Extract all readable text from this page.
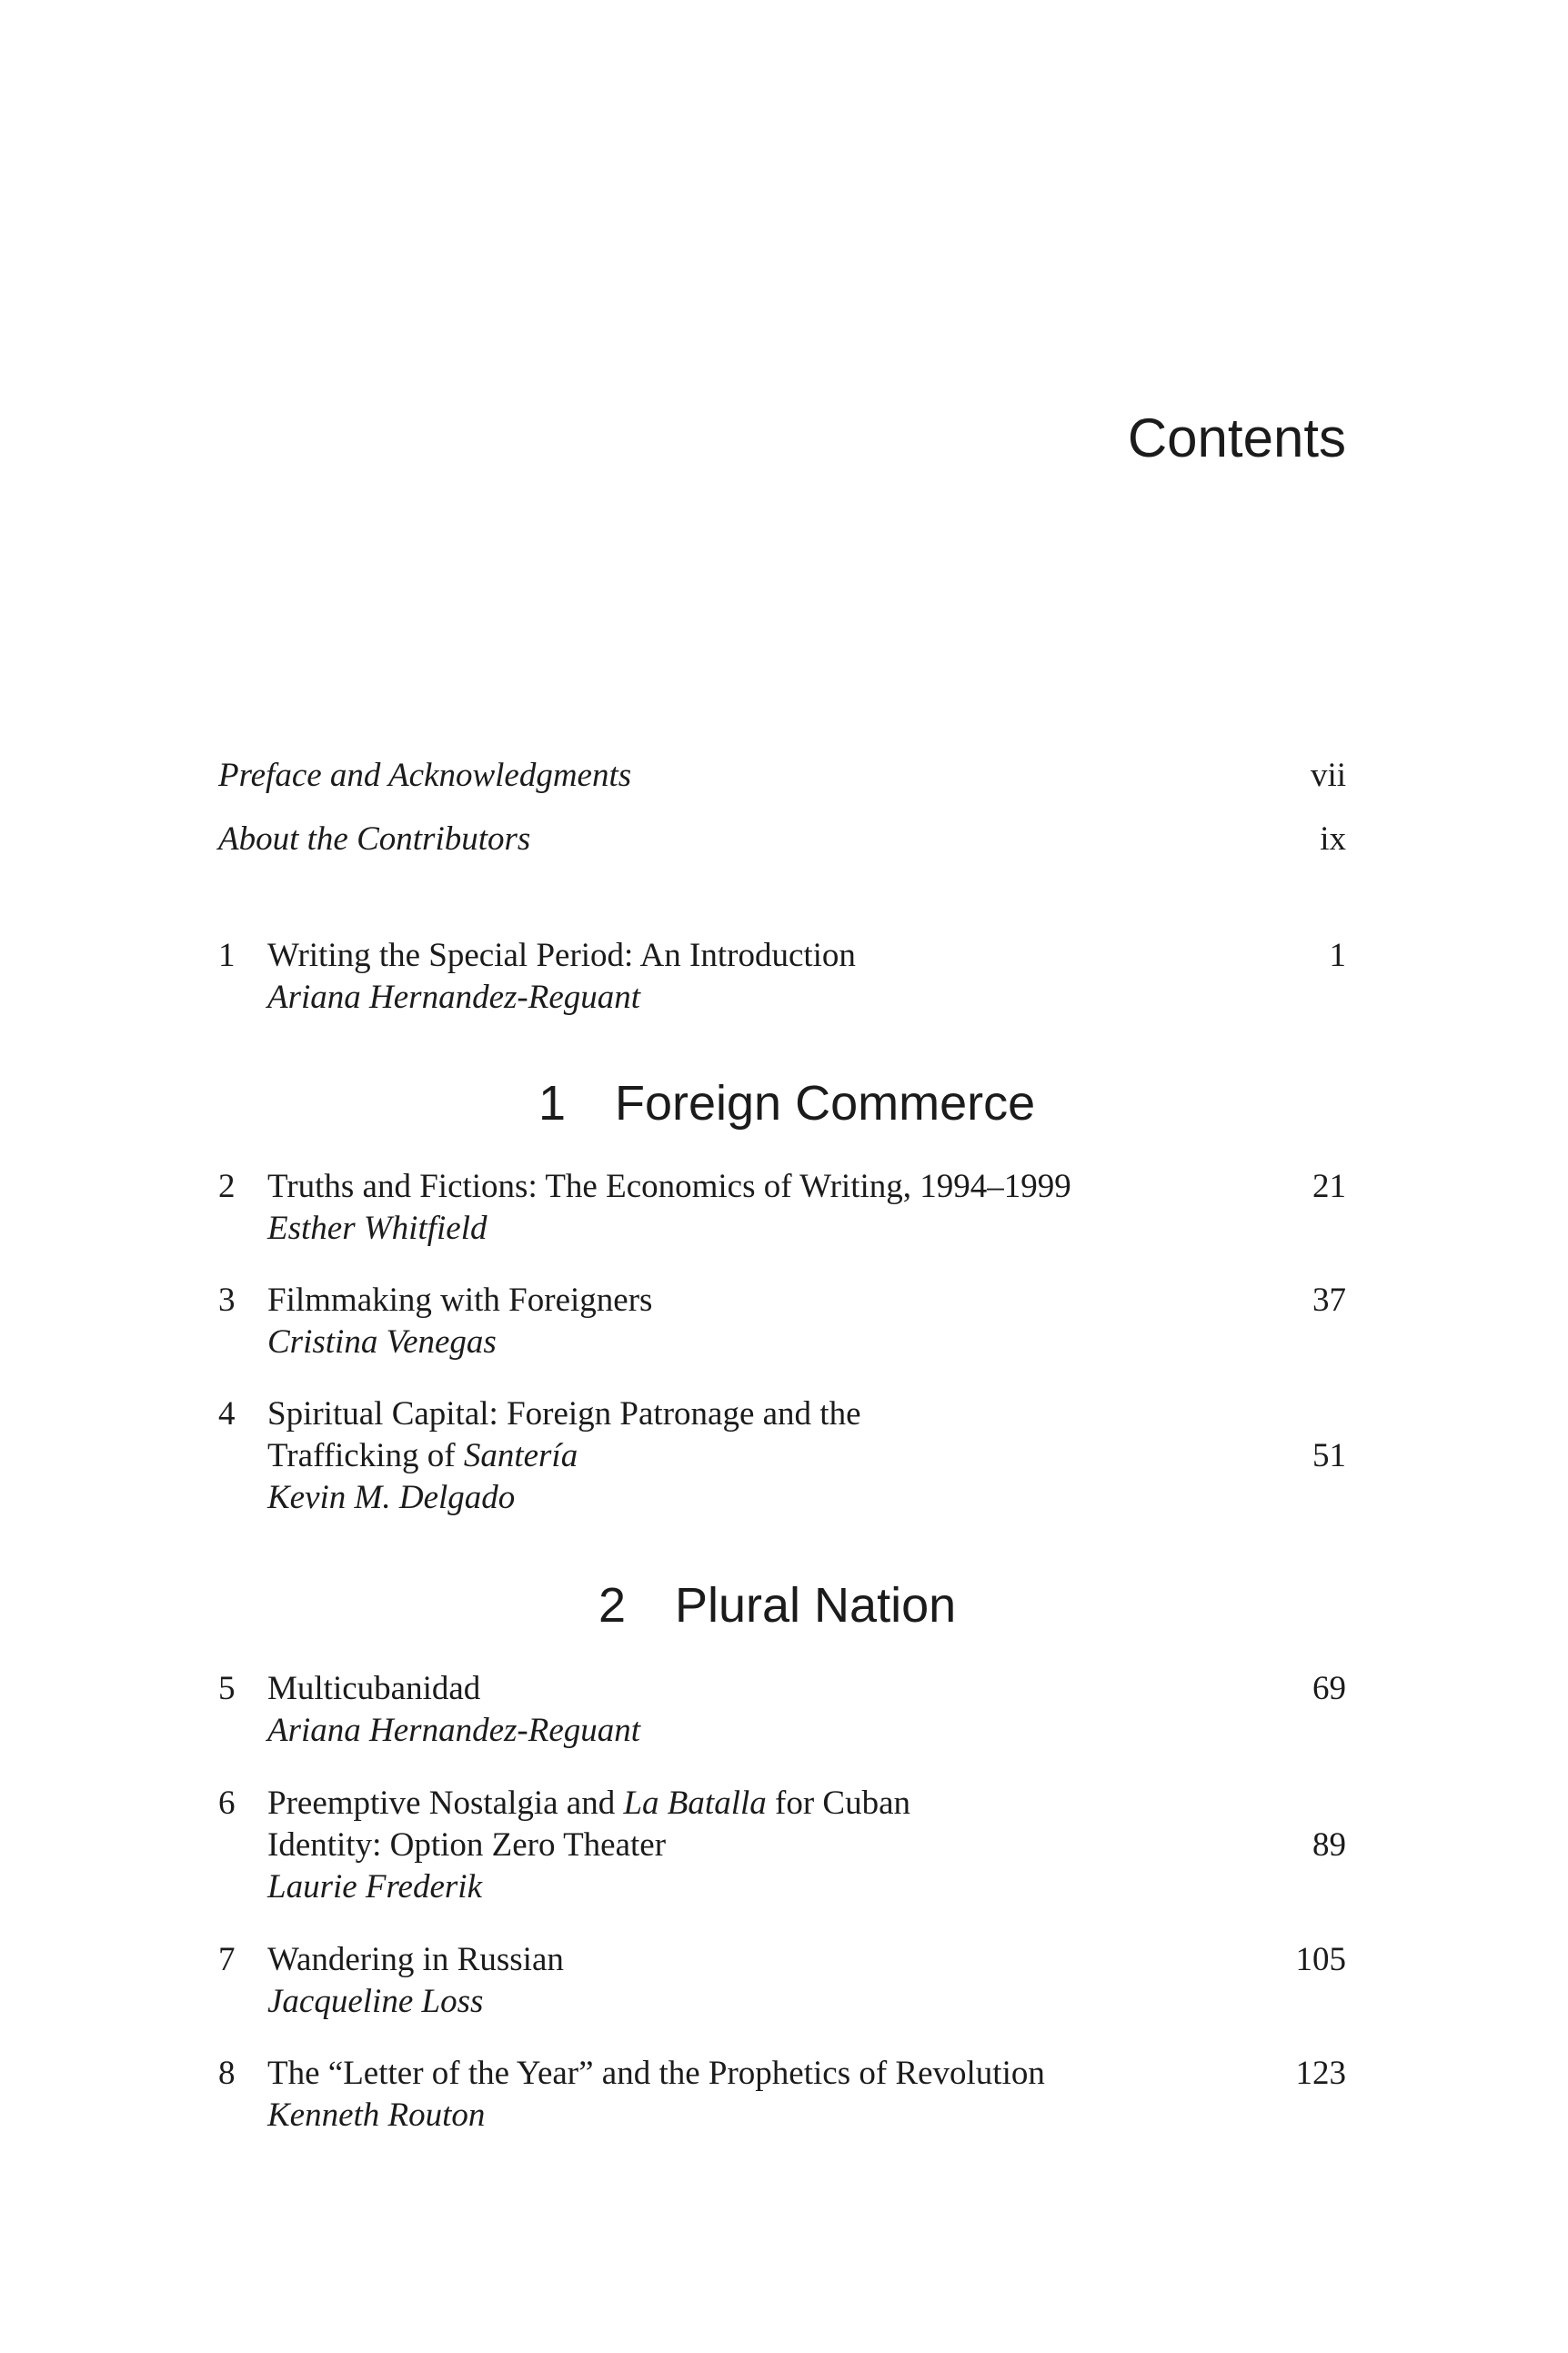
Contents
Preface and Acknowledgments	vii
About the Contributors	ix
1 Writing the Special Period: An Introduction
Ariana Hernandez-Reguant
1
1 Foreign Commerce
2 Truths and Fictions: The Economics of Writing, 1994–1999
Esther Whitfield
21
3 Filmmaking with Foreigners
Cristina Venegas
37
4 Spiritual Capital: Foreign Patronage and the
Trafficking of Santería
Kevin M. Delgado
51
2 Plural Nation
5 Multicubanidad
Ariana Hernandez-Reguant
69
6 Preemptive Nostalgia and La Batalla for Cuban
Identity: Option Zero Theater
Laurie Frederik
89
7 Wandering in Russian
Jacqueline Loss
105
8 The “Letter of the Year” and the Prophetics of Revolution
Kenneth Routon
123
